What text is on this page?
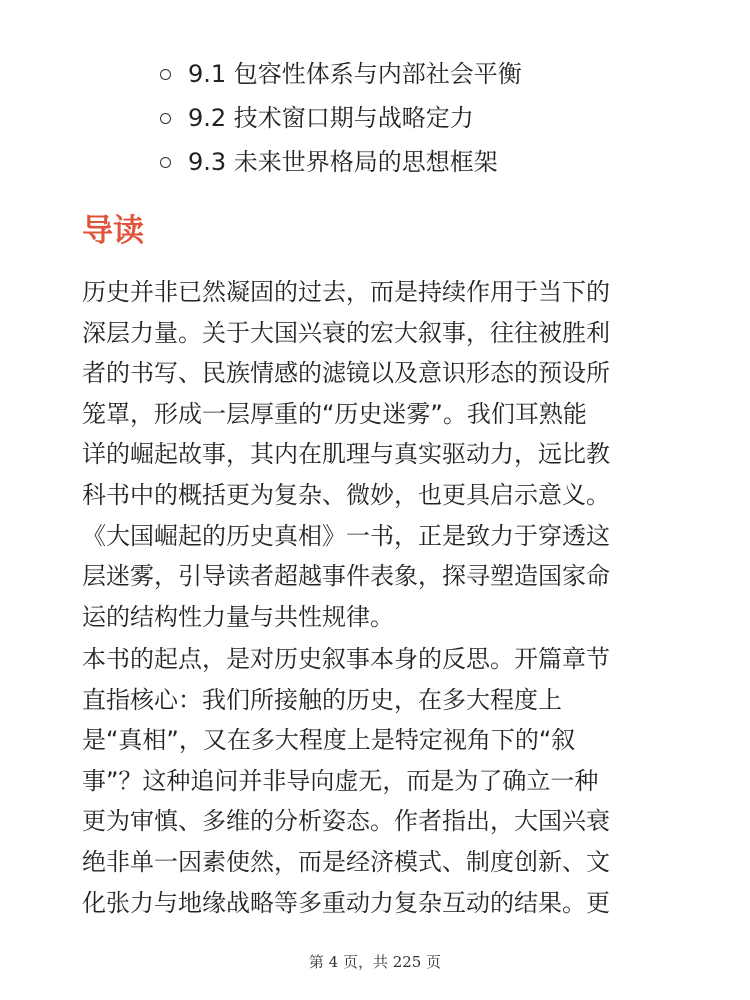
9.1 包容性体系与内部社会平衡
9.2 技术窗口期与战略定力
9.3 未来世界格局的思想框架
导读
历史并非已然凝固的过去，而是持续作用于当下的
深层力量。关于大国兴衰的宏大叙事，往往被胜利
者的书写、民族情感的滤镜以及意识形态的预设所
笼罩，形成一层厚重的“历史迷雾”。我们耳熟能
详的崛起故事，其内在肌理与真实驱动力，远比教
科书中的概括更为复杂、微妙，也更具启示意义。
《大国崛起的历史真相》一书，正是致力于穿透这
层迷雾，引导读者超越事件表象，探寻塑造国家命
运的结构性力量与共性规律。
本书的起点，是对历史叙事本身的反思。开篇章节
直指核心：我们所接触的历史，在多大程度上
是“真相”，又在多大程度上是特定视角下的“叙
事”？这种追问并非导向虚无，而是为了确立一种
更为审慎、多维的分析姿态。作者指出，大国兴衰
绝非单一因素使然，而是经济模式、制度创新、文
化张力与地缘战略等多重动力复杂互动的结果。更
第 4 页，共 225 页
